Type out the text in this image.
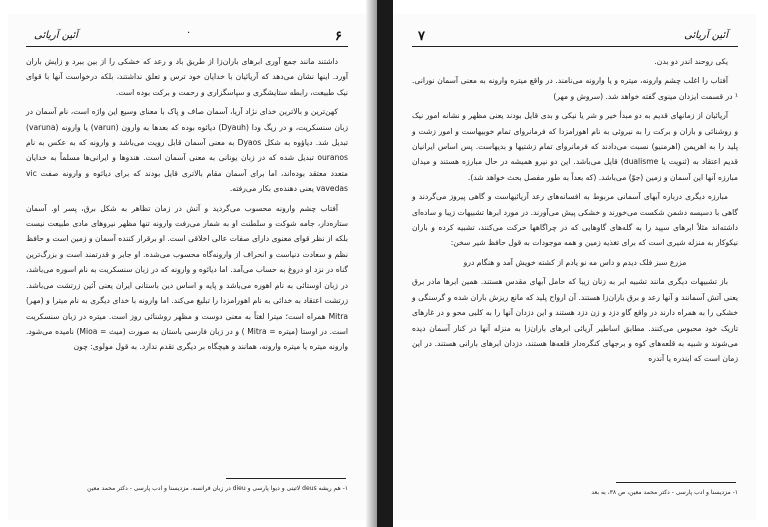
۶
·
آئین آریائی

داشتند مانند جمع آوری ابرهای باران‌زا از طریق باد و رعد که خشکی را از بین ببرد و زایش باران آورد. اینها نشان می‌دهد که آریائیان با خدایان خود ترس و تعلق نداشتند، بلکه درخواست آنها با قوای نیک طبیعت، رابطه ستایشگری و سپاسگزاری و رحمت و برکت بوده است.

کهن‌ترین و بالاترین خدای نژاد آریا، آسمان صاف و پاک با معنای وسیع این واژه است، نام آسمان در زبان سنسکریت، و در ریگ ودا (Dyauh) دیائوه بوده که بعدها به وارون (varun) یا وارونه (varuna) تبدیل شد. دیاؤوه به شکل Dyaos به معنی آسمان قابل رویت می‌باشد و وارونه که به عکس به نام ouranos تبدیل شده که در زبان یونانی به معنی آسمان است. هندوها و ایرانی‌ها مسلماً به خدایان متعدد معتقد بوده‌اند، اما برای آسمان مقام بالاتری قایل بودند که برای دیائوه و وارونه صفت vic vavedas یعنی دهنده‌ی بکار می‌رفته.

آفتاب چشم وارونه محسوب می‌گردید و آتش در زمان تظاهر به شکل برق، پسر او. آسمان ستاره‌دار، جامه شوکت و سلطنت او به شمار می‌رفت وارونه تنها مظهر نیروهای مادی طبیعت نیست بلکه از نظر قوای معنوی دارای صفات عالی اخلاقی است. او برقرار کننده آسمان و زمین است و حافظ نظم و سعادت دنیاست و انحراف از وارونه‌گاه محسوب می‌شده. او جابر و قدرتمند است و بزرگ‌ترین گناه در نزد او دروغ به حساب می‌آمد. اما دیائوه و وارونه که در زبان سنسکریت به نام اسوره می‌باشد، در زبان اوستائی به نام اهوره می‌باشد و پایه و اساس دین باستانی ایران یعنی آئین زرتشت می‌باشد. زرتشت اعتقاد به خدائی به نام اهورامزدا را تبلیغ می‌کند. اما وارونه با خدای دیگری به نام میترا و (مهر) Mitra همراه است؛ میترا لغتاً به معنی دوست و مظهر روشنائی روز است. میتره در زبان سنسکریت است. در اوستا (میتره = Mitra ) و در زبان فارسی باستان به صورت (میث = Mioa) نامیده می‌شود. وارونه میتره یا میتره وارونه، همانند و هیچگاه بر دیگری تقدم ندارد. به قول مولوی: چون

۱- هم ریشه deus لاتینی و دیوا پارسی و dieu در زبان فرانسه. مزدیسنا و ادب پارسی - دکتر محمد معین
۷	آئین آریائی

یکی روحند اندر دو بدن.

آفتاب را اغلب چشم وارونه، میتره و یا وارونه می‌نامند. در واقع میتره وارونه به معنی آسمان نورانی. ¹ در قسمت ایزدان مینوی گفته خواهد شد. (سروش و مهر)

آریائیان از زمانهای قدیم به دو مبدأ خیر و شر یا نیکی و بدی قایل بودند یعنی مظهر و نشانه امور نیک و روشنائی و باران و برکت را به نیروئی به نام اهورامزدا که فرمانروای تمام خوبیهاست و امور زشت و پلید را به اهریمن (اهرمنیو) نسبت می‌دادند که فرمانروای تمام زشتیها و بدیهاست. پس اساس ایرانیان قدیم اعتقاد به (ثنویت یا dualisme) قایل می‌باشد. این دو نیرو همیشه در حال مبارزه هستند و میدان مبارزه آنها این آسمان و زمین (جوّ) می‌باشد. (که بعداً به طور مفصل بحث خواهد شد).

مبارزه دیگری درباره آبهای آسمانی مربوط به افسانه‌های رعد آریائیهاست و گاهی پیروز می‌گردند و گاهی با دسیسه دشمن شکست می‌خورند و خشکی پیش می‌آورند. در مورد ابرها تشبیهات زیبا و ساده‌ای داشته‌اند مثلاً ابرهای سپید را به گله‌های گاوهایی که در چراگاهها حرکت می‌کنند، تشبیه کرده و باران نیکوکار به منزله شیری است که برای تغذیه زمین و همه موجودات به قول حافظ شیر سخن:

مزرع سبز فلک دیدم و داس مه نو یادم از کشته خویش آمد و هنگام درو

باز تشبیهات دیگری مانند تشبیه ابر به زنان زیبا که حامل آبهای مقدس هستند. همین ابرها مادر برق یعنی آتش آسمانند و آنها رعد و برق باران‌زا هستند. آن ارواح پلید که مانع ریزش باران شده و گرسنگی و خشکی را به همراه دارند در واقع گاو دزد و زن دزد هستند و این دزدان آنها را به کلبی محو و در غارهای تاریک خود محبوس می‌کنند. مطابق اساطیر آریائی ابرهای باران‌زا به منزله آنها در کنار آسمان دیده می‌شوند و شبیه به قلعه‌های کوه و برجهای کنگره‌دار قلعه‌ها هستند، دزدان ابرهای بارانی هستند. در این زمان است که ایندره یا آندره

۱- مزدیسنا و ادب پارسی - دکتر محمد معین، ص ۳۸، به بعد
